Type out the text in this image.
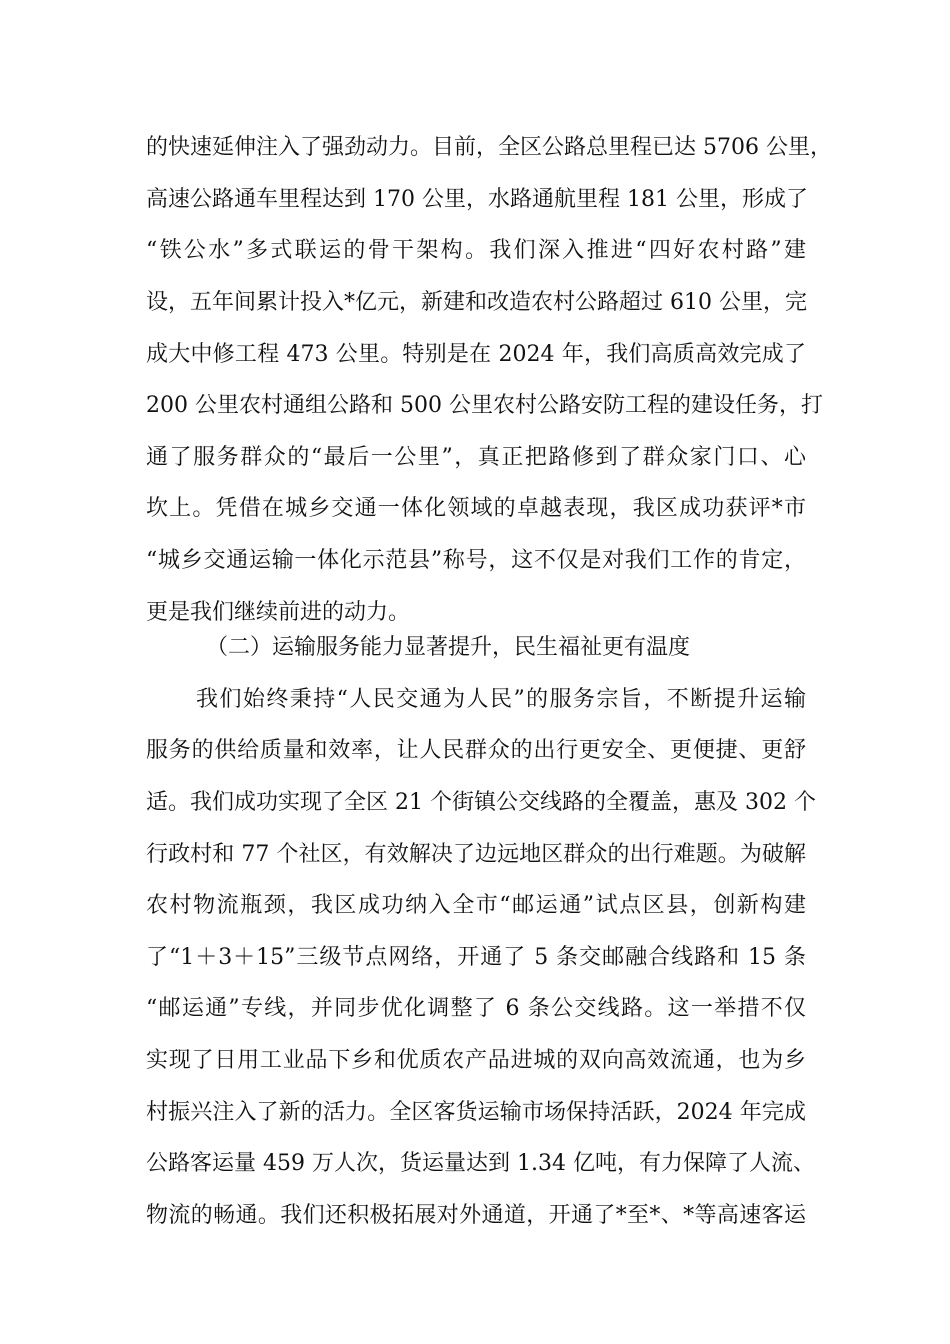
的快速延伸注入了强劲动力。目前，全区公路总里程已达 5706 公里，
高速公路通车里程达到 170 公里，水路通航里程 181 公里，形成了
“铁公水”多式联运的骨干架构。我们深入推进“四好农村路”建
设，五年间累计投入*亿元，新建和改造农村公路超过 610 公里，完
成大中修工程 473 公里。特别是在 2024 年，我们高质高效完成了
200 公里农村通组公路和 500 公里农村公路安防工程的建设任务，打
通了服务群众的“最后一公里”，真正把路修到了群众家门口、心
坎上。凭借在城乡交通一体化领域的卓越表现，我区成功获评*市
“城乡交通运输一体化示范县”称号，这不仅是对我们工作的肯定，
更是我们继续前进的动力。
（二）运输服务能力显著提升，民生福祉更有温度
我们始终秉持“人民交通为人民”的服务宗旨，不断提升运输
服务的供给质量和效率，让人民群众的出行更安全、更便捷、更舒
适。我们成功实现了全区 21 个街镇公交线路的全覆盖，惠及 302 个
行政村和 77 个社区，有效解决了边远地区群众的出行难题。为破解
农村物流瓶颈，我区成功纳入全市“邮运通”试点区县，创新构建
了“1＋3＋15”三级节点网络，开通了 5 条交邮融合线路和 15 条
“邮运通”专线，并同步优化调整了 6 条公交线路。这一举措不仅
实现了日用工业品下乡和优质农产品进城的双向高效流通，也为乡
村振兴注入了新的活力。全区客货运输市场保持活跃，2024 年完成
公路客运量 459 万人次，货运量达到 1.34 亿吨，有力保障了人流、
物流的畅通。我们还积极拓展对外通道，开通了*至*、*等高速客运
